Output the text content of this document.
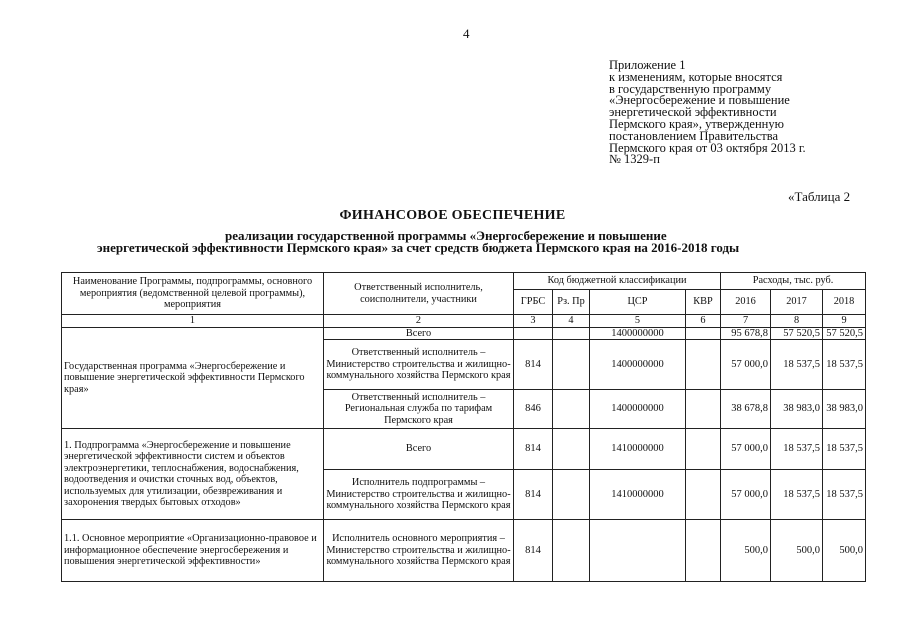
4
Приложение 1
к изменениям, которые вносятся
в государственную программу
«Энергосбережение и повышение
энергетической эффективности
Пермского края», утвержденную
постановлением Правительства
Пермского края от 03 октября 2013 г.
№ 1329-п
«Таблица 2
ФИНАНСОВОЕ ОБЕСПЕЧЕНИЕ
реализации государственной программы «Энергосбережение и повышение
энергетической эффективности Пермского края» за счет средств бюджета Пермского края на 2016-2018 годы
Наименование Программы, подпрограммы, основного мероприятия (ведомственной целевой программы), мероприятия	Ответственный исполнитель, соисполнители, участники	Код бюджетной классификации				Расходы, тыс. руб.		
		ГРБС	Рз. Пр	ЦСР	КВР	2016	2017	2018
1	2	3	4	5	6	7	8	9
Государственная программа «Энергосбережение и повышение энергетической эффективности Пермского края»	Всего			1400000000		95 678,8	57 520,5	57 520,5
	Ответственный исполнитель – Министерство строительства и жилищно-коммунального хозяйства Пермского края	814		1400000000		57 000,0	18 537,5	18 537,5
	Ответственный исполнитель – Региональная служба по тарифам Пермского края	846		1400000000		38 678,8	38 983,0	38 983,0
1. Подпрограмма «Энергосбережение и повышение энергетической эффективности систем и объектов электроэнергетики, теплоснабжения, водоснабжения, водоотведения и очистки сточных вод, объектов, используемых для утилизации, обезвреживания и захоронения твердых бытовых отходов»	Всего	814		1410000000		57 000,0	18 537,5	18 537,5
	Исполнитель подпрограммы – Министерство строительства и жилищно-коммунального хозяйства Пермского края	814		1410000000		57 000,0	18 537,5	18 537,5
1.1. Основное мероприятие «Организационно-правовое и информационное обеспечение энергосбережения и повышения энергетической эффективности»	Исполнитель основного мероприятия – Министерство строительства и жилищно-коммунального хозяйства Пермского края	814				500,0	500,0	500,0
